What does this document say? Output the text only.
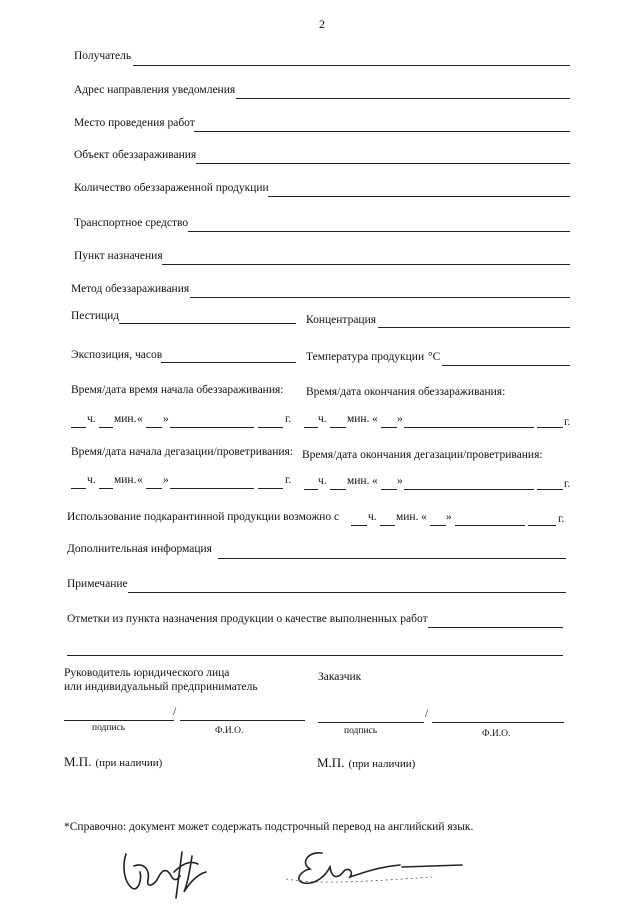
2
Получатель
Адрес направления уведомления
Место проведения работ
Объект обеззараживания
Количество обеззараженной продукции
Транспортное средство
Пункт назначения
Метод обеззараживания
Пестицид	Концентрация
Экспозиция, часов	Температура продукции °C
Время/дата время начала обеззараживания: Время/дата окончания обеззараживания:
ч. мин. « »	г. ч. мин. « »	г.
Время/дата начала дегазации/проветривания: Время/дата окончания дегазации/проветривания:
ч. мин. « »	г. ч. мин. « »	г.
Использование подкарантинной продукции возможно с	ч. мин. « »	г.
Дополнительная информация
Примечание
Отметки из пункта назначения продукции о качестве выполненных работ
Руководитель юридического лица
или индивидуальный предприниматель
Заказчик
/
подпись	Ф.И.О.
/
подпись	Ф.И.О.
М.П. (при наличии)	М.П. (при наличии)
*Справочно: документ может содержать подстрочный перевод на английский язык.
